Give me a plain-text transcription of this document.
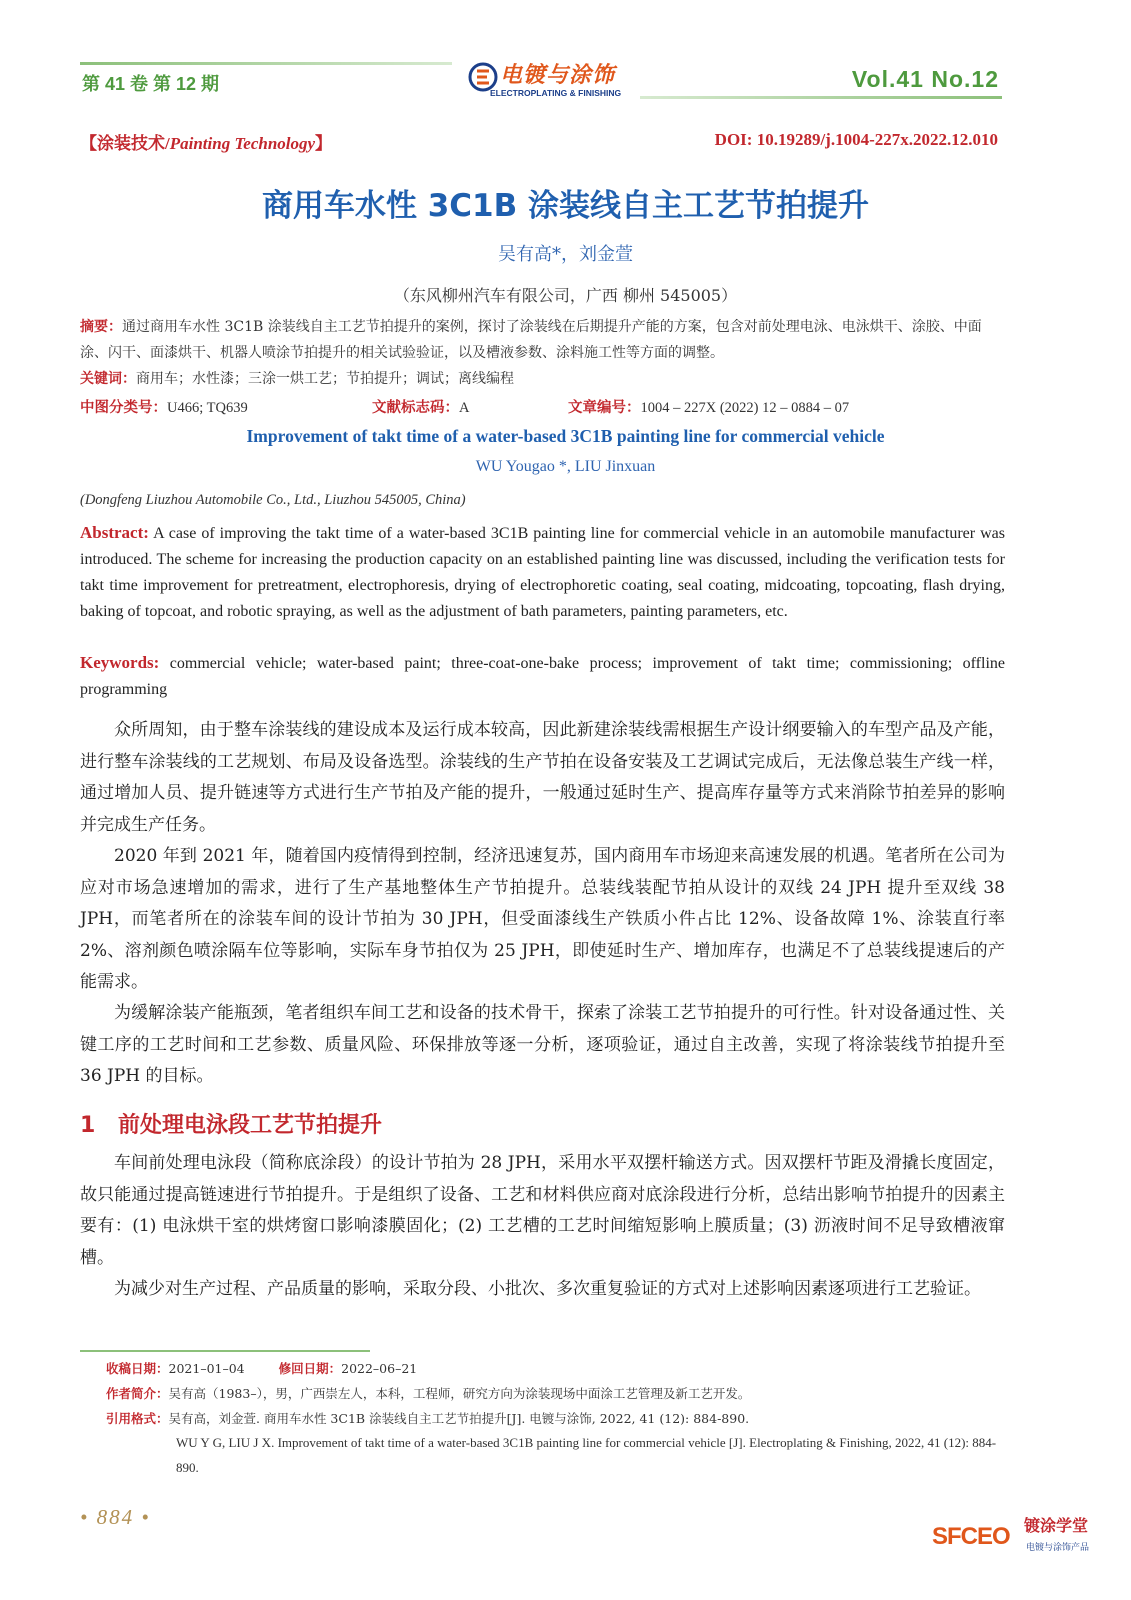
第 41 卷 第 12 期	Vol.41 No.12
电镀与涂饰
ELECTROPLATING & FINISHING
【涂装技术/Painting Technology】	DOI: 10.19289/j.1004-227x.2022.12.010
商用车水性 3C1B 涂装线自主工艺节拍提升
吴有高*，刘金萱
（东风柳州汽车有限公司，广西 柳州 545005）
摘要：通过商用车水性 3C1B 涂装线自主工艺节拍提升的案例，探讨了涂装线在后期提升产能的方案，包含对前处理电泳、电泳烘干、涂胶、中面涂、闪干、面漆烘干、机器人喷涂节拍提升的相关试验验证，以及槽液参数、涂料施工性等方面的调整。
关键词：商用车；水性漆；三涂一烘工艺；节拍提升；调试；离线编程
中图分类号：U466; TQ639	文献标志码：A	文章编号：1004 – 227X (2022) 12 – 0884 – 07
Improvement of takt time of a water-based 3C1B painting line for commercial vehicle
WU Yougao *, LIU Jinxuan
(Dongfeng Liuzhou Automobile Co., Ltd., Liuzhou 545005, China)
Abstract: A case of improving the takt time of a water-based 3C1B painting line for commercial vehicle in an automobile manufacturer was introduced. The scheme for increasing the production capacity on an established painting line was discussed, including the verification tests for takt time improvement for pretreatment, electrophoresis, drying of electrophoretic coating, seal coating, midcoating, topcoating, flash drying, baking of topcoat, and robotic spraying, as well as the adjustment of bath parameters, painting parameters, etc.
Keywords: commercial vehicle; water-based paint; three-coat-one-bake process; improvement of takt time; commissioning; offline programming
众所周知，由于整车涂装线的建设成本及运行成本较高，因此新建涂装线需根据生产设计纲要输入的车型产品及产能，进行整车涂装线的工艺规划、布局及设备选型。涂装线的生产节拍在设备安装及工艺调试完成后，无法像总装生产线一样，通过增加人员、提升链速等方式进行生产节拍及产能的提升，一般通过延时生产、提高库存量等方式来消除节拍差异的影响并完成生产任务。
2020 年到 2021 年，随着国内疫情得到控制，经济迅速复苏，国内商用车市场迎来高速发展的机遇。笔者所在公司为应对市场急速增加的需求，进行了生产基地整体生产节拍提升。总装线装配节拍从设计的双线 24 JPH 提升至双线 38 JPH，而笔者所在的涂装车间的设计节拍为 30 JPH，但受面漆线生产铁质小件占比 12%、设备故障 1%、涂装直行率 2%、溶剂颜色喷涂隔车位等影响，实际车身节拍仅为 25 JPH，即使延时生产、增加库存，也满足不了总装线提速后的产能需求。
为缓解涂装产能瓶颈，笔者组织车间工艺和设备的技术骨干，探索了涂装工艺节拍提升的可行性。针对设备通过性、关键工序的工艺时间和工艺参数、质量风险、环保排放等逐一分析，逐项验证，通过自主改善，实现了将涂装线节拍提升至 36 JPH 的目标。
1 前处理电泳段工艺节拍提升
车间前处理电泳段（简称底涂段）的设计节拍为 28 JPH，采用水平双摆杆输送方式。因双摆杆节距及滑撬长度固定，故只能通过提高链速进行节拍提升。于是组织了设备、工艺和材料供应商对底涂段进行分析，总结出影响节拍提升的因素主要有：(1) 电泳烘干室的烘烤窗口影响漆膜固化；(2) 工艺槽的工艺时间缩短影响上膜质量；(3) 沥液时间不足导致槽液窜槽。
为减少对生产过程、产品质量的影响，采取分段、小批次、多次重复验证的方式对上述影响因素逐项进行工艺验证。
收稿日期：2021–01–04	修回日期：2022–06–21
作者简介：吴有高（1983–），男，广西崇左人，本科，工程师，研究方向为涂装现场中面涂工艺管理及新工艺开发。
引用格式：吴有高，刘金萱. 商用车水性 3C1B 涂装线自主工艺节拍提升[J]. 电镀与涂饰, 2022, 41 (12): 884-890.
WU Y G, LIU J X. Improvement of takt time of a water-based 3C1B painting line for commercial vehicle [J]. Electroplating & Finishing, 2022, 41 (12): 884-890.
• 884 •
SFCEO 镀涂学堂
电镀与涂饰产品
